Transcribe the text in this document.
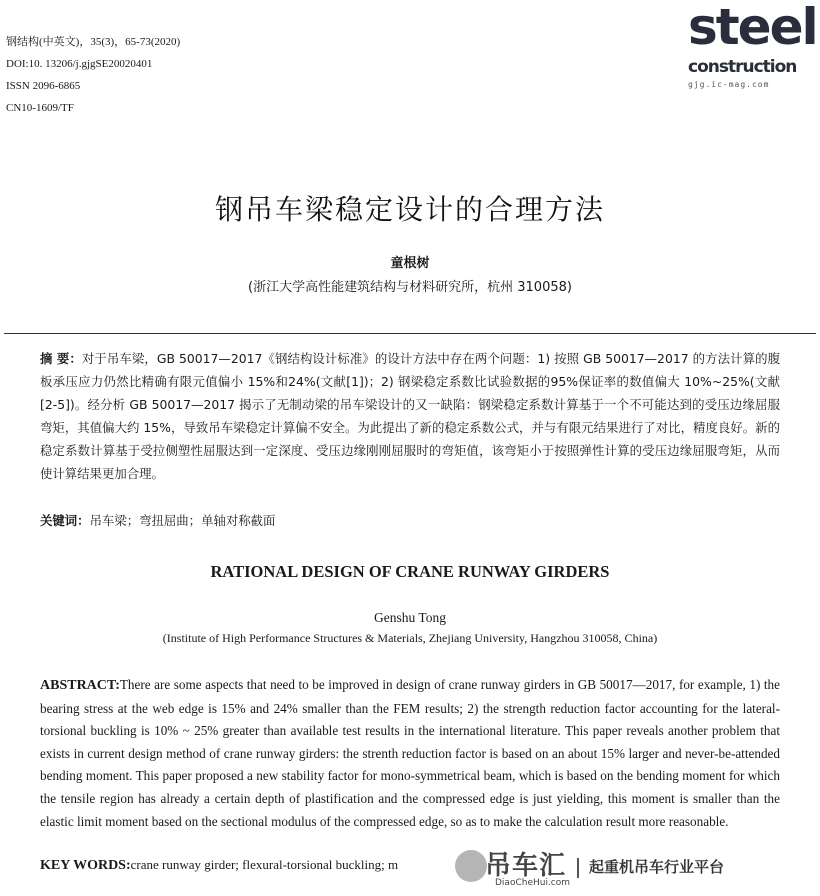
钢结构(中英文)，35(3)，65-73(2020)
DOI:10. 13206/j.gjgSE20020401
ISSN 2096-6865
CN10-1609/TF
steel
construction
gjg.ic-mag.com
钢吊车梁稳定设计的合理方法
童根树
(浙江大学高性能建筑结构与材料研究所，杭州 310058)
摘 要：对于吊车梁，GB 50017—2017《钢结构设计标准》的设计方法中存在两个问题：1) 按照 GB 50017—2017 的方法计算的腹板承压应力仍然比精确有限元值偏小 15%和24%(文献[1])；2) 钢梁稳定系数比试验数据的95%保证率的数值偏大 10%~25%(文献[2-5])。经分析 GB 50017—2017 揭示了无制动梁的吊车梁设计的又一缺陷：钢梁稳定系数计算基于一个不可能达到的受压边缘屈服弯矩，其值偏大约 15%，导致吊车梁稳定计算偏不安全。为此提出了新的稳定系数公式，并与有限元结果进行了对比，精度良好。新的稳定系数计算基于受拉侧塑性屈服达到一定深度、受压边缘刚刚屈服时的弯矩值，该弯矩小于按照弹性计算的受压边缘屈服弯矩，从而使计算结果更加合理。
关键词：吊车梁；弯扭屈曲；单轴对称截面
RATIONAL DESIGN OF CRANE RUNWAY GIRDERS
Genshu Tong
(Institute of High Performance Structures & Materials, Zhejiang University, Hangzhou 310058, China)
ABSTRACT:There are some aspects that need to be improved in design of crane runway girders in GB 50017—2017, for example, 1) the bearing stress at the web edge is 15% and 24% smaller than the FEM results; 2) the strength reduction factor accounting for the lateral-torsional buckling is 10% ~ 25% greater than available test results in the international literature. This paper reveals another problem that exists in current design method of crane runway girders: the strenth reduction factor is based on an about 15% larger and never-be-attended bending moment. This paper proposed a new stability factor for mono-symmetrical beam, which is based on the bending moment for which the tensile region has already a certain depth of plastification and the compressed edge is just yielding, this moment is smaller than the elastic limit moment based on the sectional modulus of the compressed edge, so as to make the calculation result more reasonable.
KEY WORDS:crane runway girder; flexural-torsional buckling; m	吊车汇
DiaoCheHui.com
起重机吊车行业平台
